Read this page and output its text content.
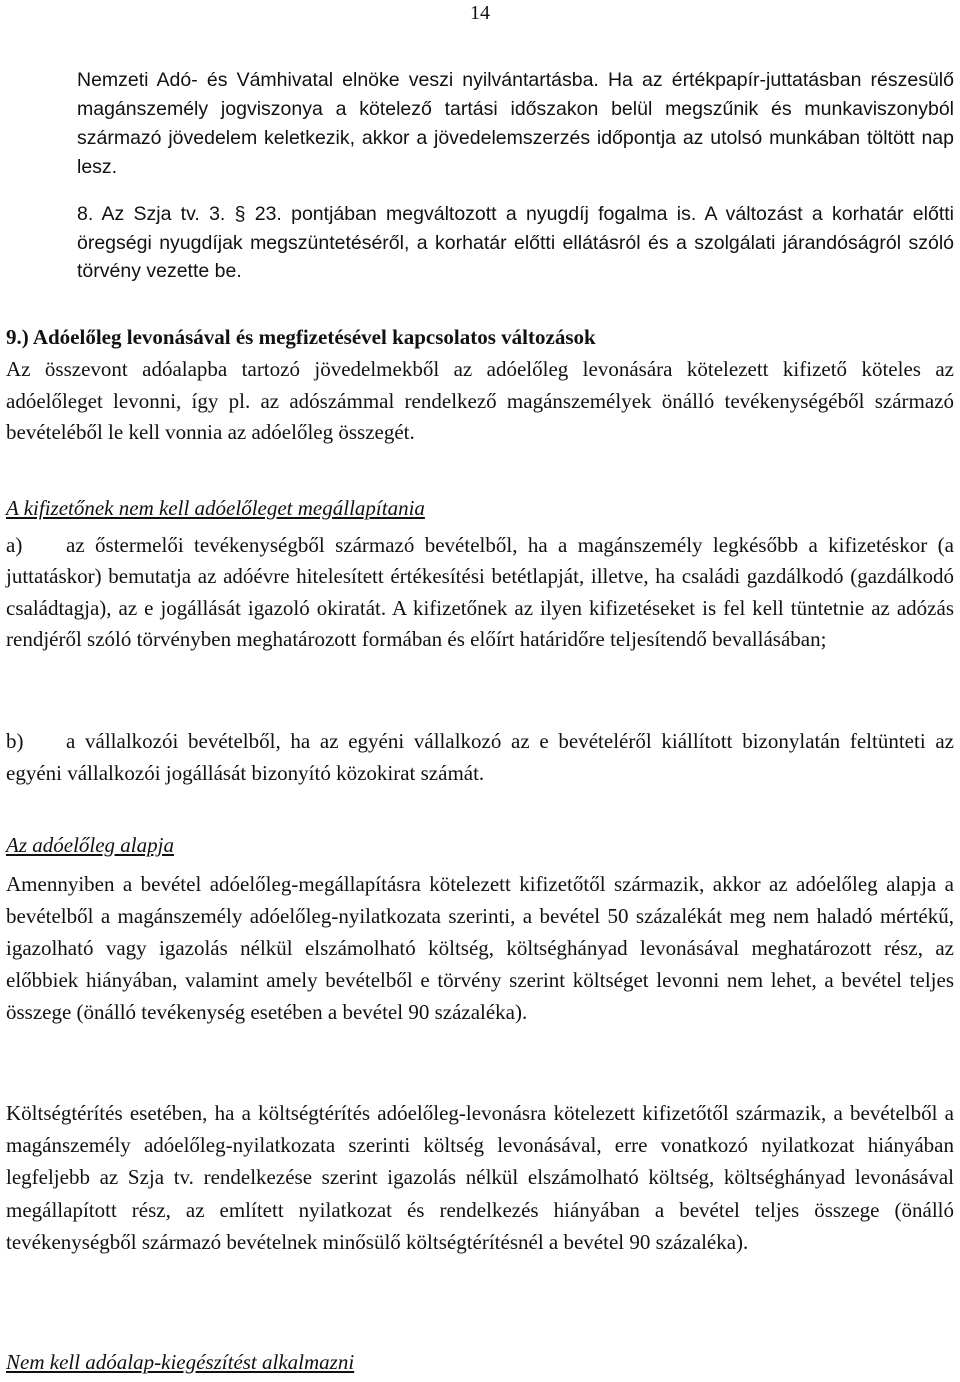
14

Nemzeti Adó- és Vámhivatal elnöke veszi nyilvántartásba. Ha az értékpapír-juttatásban részesülő magánszemély jogviszonya a kötelező tartási időszakon belül megszűnik és munkaviszonyból származó jövedelem keletkezik, akkor a jövedelemszerzés időpontja az utolsó munkában töltött nap lesz.

8. Az Szja tv. 3. § 23. pontjában megváltozott a nyugdíj fogalma is. A változást a korhatár előtti öregségi nyugdíjak megszüntetéséről, a korhatár előtti ellátásról és a szolgálati járandóságról szóló törvény vezette be.

9.) Adóelőleg levonásával és megfizetésével kapcsolatos változások

Az összevont adóalapba tartozó jövedelmekből az adóelőleg levonására kötelezett kifizető köteles az adóelőleget levonni, így pl. az adószámmal rendelkező magánszemélyek önálló tevékenységéből származó bevételéből le kell vonnia az adóelőleg összegét.

A kifizetőnek nem kell adóelőleget megállapítania

a) az őstermelői tevékenységből származó bevételből, ha a magánszemély legkésőbb a kifizetéskor (a juttatáskor) bemutatja az adóévre hitelesített értékesítési betétlapját, illetve, ha családi gazdálkodó (gazdálkodó családtagja), az e jogállását igazoló okiratát. A kifizetőnek az ilyen kifizetéseket is fel kell tüntetnie az adózás rendjéről szóló törvényben meghatározott formában és előírt határidőre teljesítendő bevallásában;

b) a vállalkozói bevételből, ha az egyéni vállalkozó az e bevételéről kiállított bizonylatán feltünteti az egyéni vállalkozói jogállását bizonyító közokirat számát.

Az adóelőleg alapja

Amennyiben a bevétel adóelőleg-megállapításra kötelezett kifizetőtől származik, akkor az adóelőleg alapja a bevételből a magánszemély adóelőleg-nyilatkozata szerinti, a bevétel 50 százalékát meg nem haladó mértékű, igazolható vagy igazolás nélkül elszámolható költség, költséghányad levonásával meghatározott rész, az előbbiek hiányában, valamint amely bevételből e törvény szerint költséget levonni nem lehet, a bevétel teljes összege (önálló tevékenység esetében a bevétel 90 százaléka).

Költségtérítés esetében, ha a költségtérítés adóelőleg-levonásra kötelezett kifizetőtől származik, a bevételből a magánszemély adóelőleg-nyilatkozata szerinti költség levonásával, erre vonatkozó nyilatkozat hiányában legfeljebb az Szja tv. rendelkezése szerint igazolás nélkül elszámolható költség, költséghányad levonásával megállapított rész, az említett nyilatkozat és rendelkezés hiányában a bevétel teljes összege (önálló tevékenységből származó bevételnek minősülő költségtérítésnél a bevétel 90 százaléka).

Nem kell adóalap-kiegészítést alkalmazni
